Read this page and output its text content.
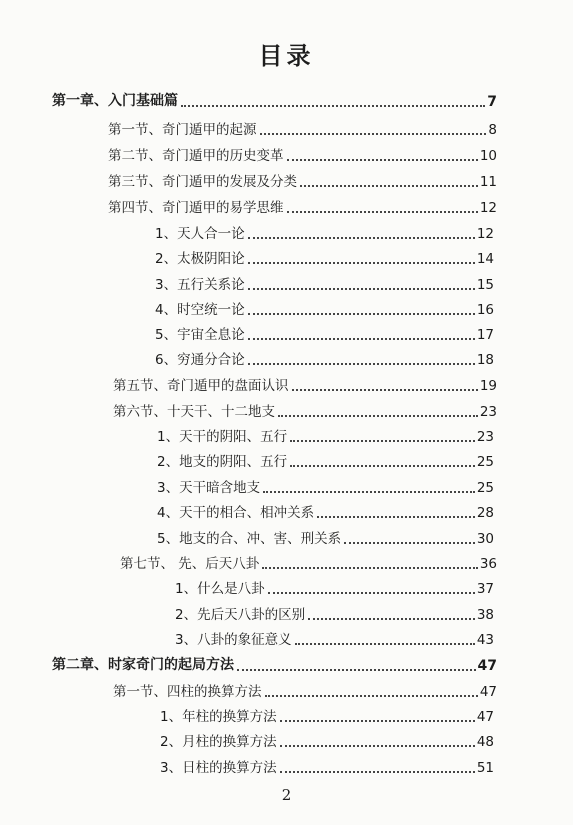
目录
第一章、入门基础篇	7
第一节、奇门遁甲的起源	8
第二节、奇门遁甲的历史变革	10
第三节、奇门遁甲的发展及分类	11
第四节、奇门遁甲的易学思维	12
1、天人合一论	12
2、太极阴阳论	14
3、五行关系论	15
4、时空统一论	16
5、宇宙全息论	17
6、穷通分合论	18
第五节、奇门遁甲的盘面认识	19
第六节、十天干、十二地支	23
1、天干的阴阳、五行	23
2、地支的阴阳、五行	25
3、天干暗含地支	25
4、天干的相合、相冲关系	28
5、地支的合、冲、害、刑关系	30
第七节、 先、后天八卦	36
1、什么是八卦	37
2、先后天八卦的区别	38
3、八卦的象征意义	43
第二章、时家奇门的起局方法	47
第一节、四柱的换算方法	47
1、年柱的换算方法	47
2、月柱的换算方法	48
3、日柱的换算方法	51
2
